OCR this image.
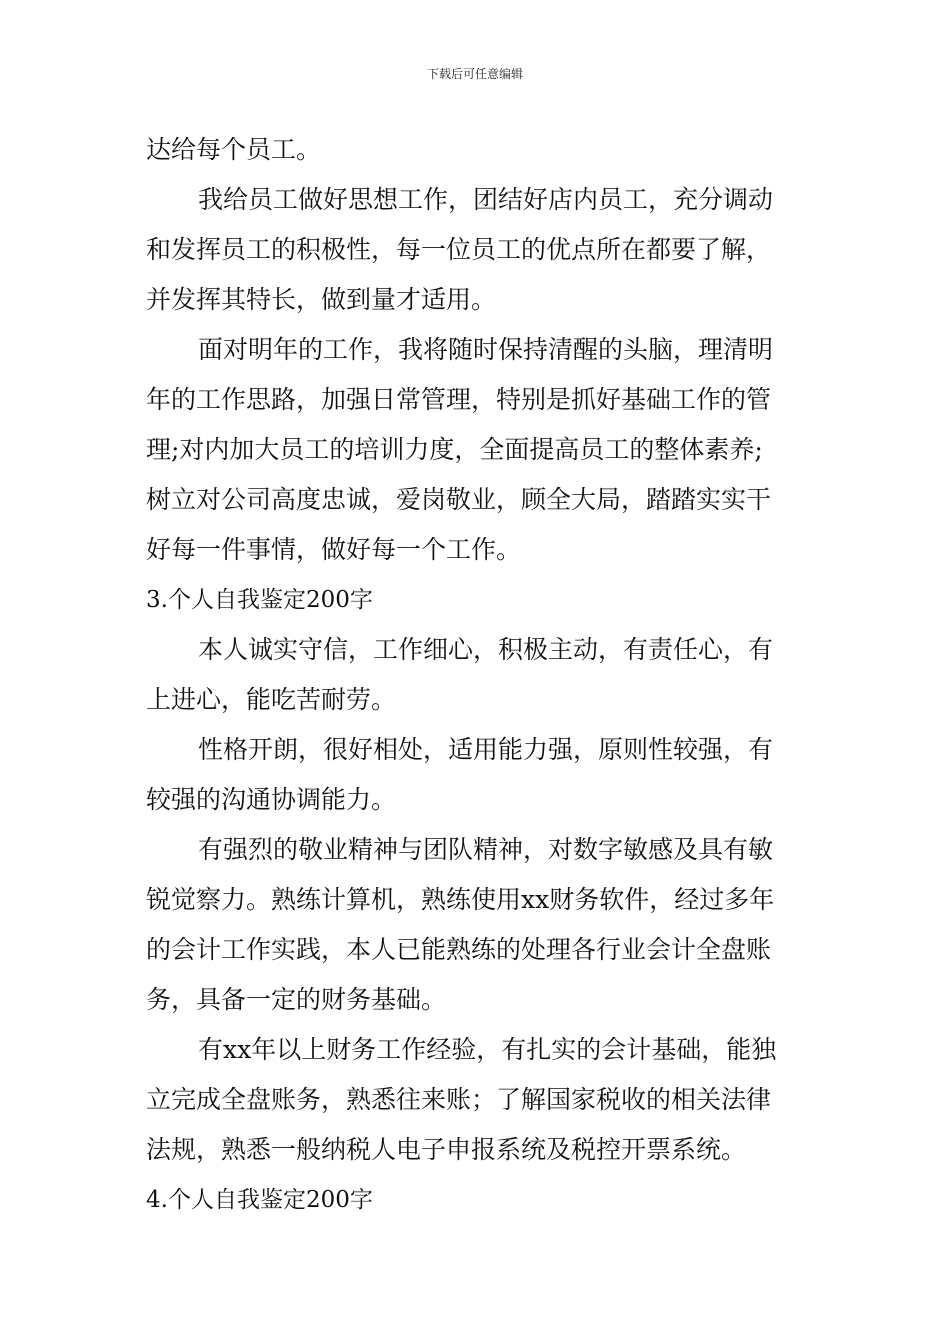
下载后可任意编辑
达给每个员工。
我给员工做好思想工作，团结好店内员工，充分调动
和发挥员工的积极性，每一位员工的优点所在都要了解，
并发挥其特长，做到量才适用。
面对明年的工作，我将随时保持清醒的头脑，理清明
年的工作思路，加强日常管理，特别是抓好基础工作的管
理;对内加大员工的培训力度，全面提高员工的整体素养;
树立对公司高度忠诚，爱岗敬业，顾全大局，踏踏实实干
好每一件事情，做好每一个工作。
3.个人自我鉴定200字
本人诚实守信，工作细心，积极主动，有责任心，有
上进心，能吃苦耐劳。
性格开朗，很好相处，适用能力强，原则性较强，有
较强的沟通协调能力。
有强烈的敬业精神与团队精神，对数字敏感及具有敏
锐觉察力。熟练计算机，熟练使用xx财务软件，经过多年
的会计工作实践，本人已能熟练的处理各行业会计全盘账
务，具备一定的财务基础。
有xx年以上财务工作经验，有扎实的会计基础，能独
立完成全盘账务，熟悉往来账；了解国家税收的相关法律
法规，熟悉一般纳税人电子申报系统及税控开票系统。
4.个人自我鉴定200字
